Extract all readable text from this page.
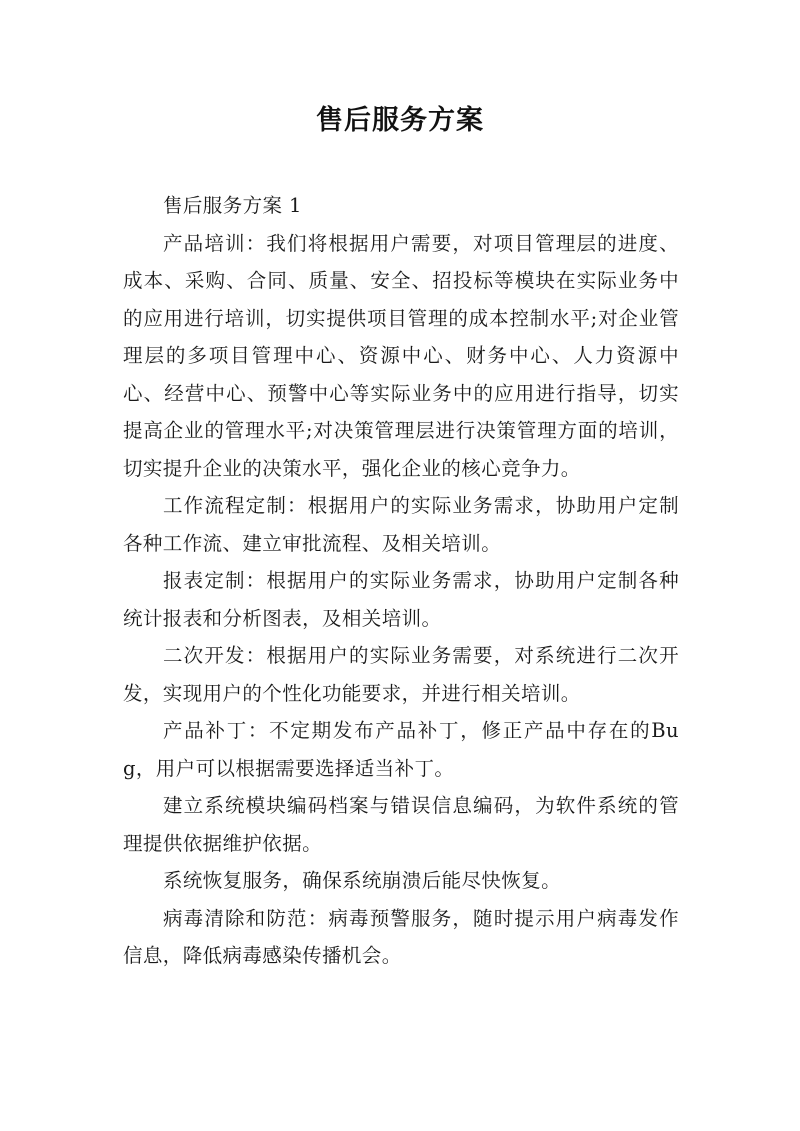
售后服务方案

售后服务方案 1

产品培训：我们将根据用户需要，对项目管理层的进度、成本、采购、合同、质量、安全、招投标等模块在实际业务中的应用进行培训，切实提供项目管理的成本控制水平;对企业管理层的多项目管理中心、资源中心、财务中心、人力资源中心、经营中心、预警中心等实际业务中的应用进行指导，切实提高企业的管理水平;对决策管理层进行决策管理方面的培训，切实提升企业的决策水平，强化企业的核心竞争力。

工作流程定制：根据用户的实际业务需求，协助用户定制各种工作流、建立审批流程、及相关培训。

报表定制：根据用户的实际业务需求，协助用户定制各种统计报表和分析图表，及相关培训。

二次开发：根据用户的实际业务需要，对系统进行二次开发，实现用户的个性化功能要求，并进行相关培训。

产品补丁：不定期发布产品补丁，修正产品中存在的Bug，用户可以根据需要选择适当补丁。

建立系统模块编码档案与错误信息编码，为软件系统的管理提供依据维护依据。

系统恢复服务，确保系统崩溃后能尽快恢复。

病毒清除和防范：病毒预警服务，随时提示用户病毒发作信息，降低病毒感染传播机会。
